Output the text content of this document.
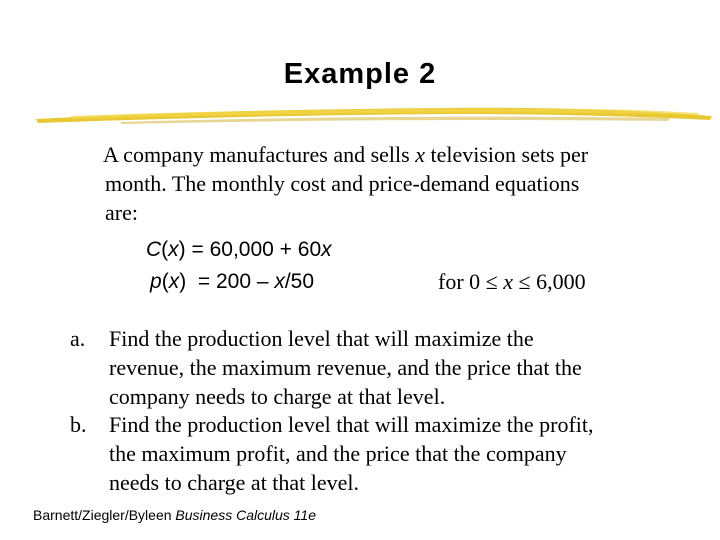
Example 2
A company manufactures and sells x television sets per
month. The monthly cost and price-demand equations
are:
C(x) = 60,000 + 60x
p(x)  = 200 – x/50	for 0 ≤ x ≤ 6,000
a.	Find the production level that will maximize the
revenue, the maximum revenue, and the price that the
company needs to charge at that level.
b.	Find the production level that will maximize the profit,
the maximum profit, and the price that the company
needs to charge at that level.
Barnett/Ziegler/Byleen Business Calculus 11e
